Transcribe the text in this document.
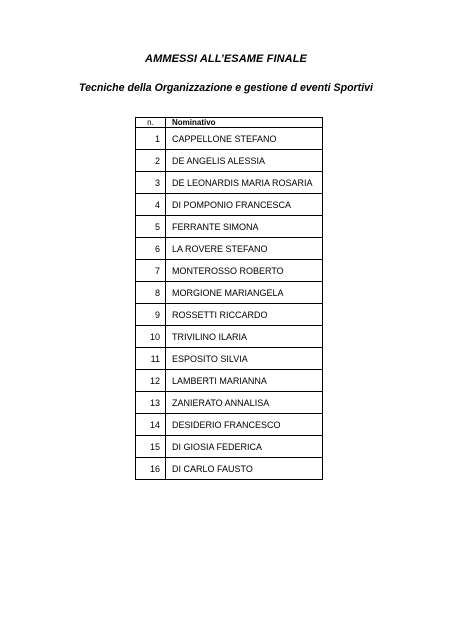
AMMESSI ALL’ESAME FINALE
Tecniche della Organizzazione e gestione d eventi Sportivi
n.	Nominativo
1	CAPPELLONE STEFANO
2	DE ANGELIS ALESSIA
3	DE LEONARDIS MARIA ROSARIA
4	DI POMPONIO FRANCESCA
5	FERRANTE SIMONA
6	LA ROVERE STEFANO
7	MONTEROSSO ROBERTO
8	MORGIONE MARIANGELA
9	ROSSETTI RICCARDO
10	TRIVILINO ILARIA
11	ESPOSITO SILVIA
12	LAMBERTI MARIANNA
13	ZANIERATO ANNALISA
14	DESIDERIO FRANCESCO
15	DI GIOSIA FEDERICA
16	DI CARLO FAUSTO
